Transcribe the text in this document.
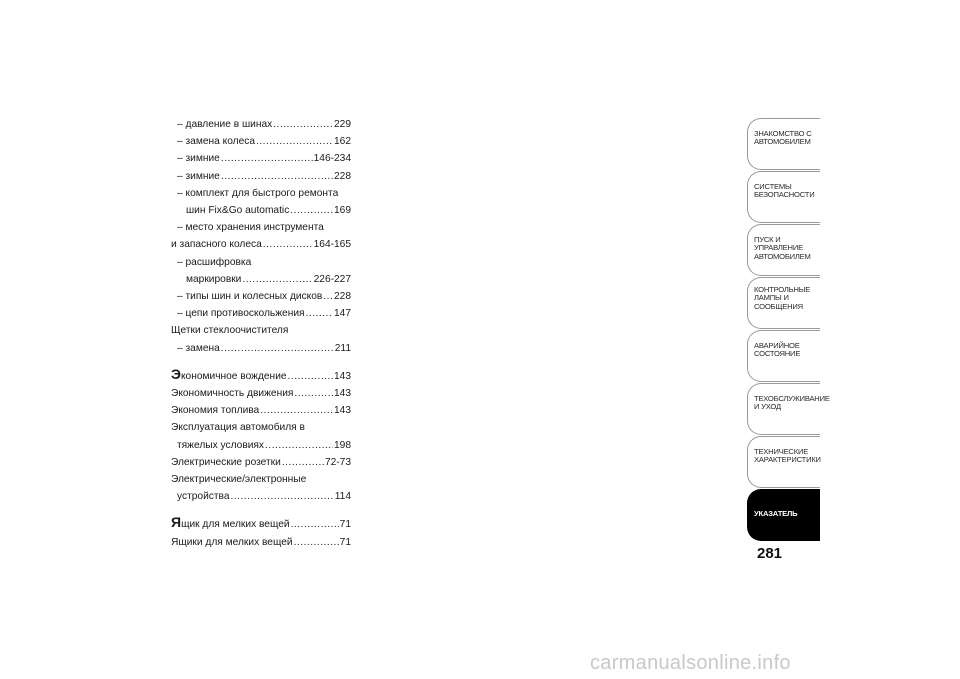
– давление в шинах .....	229
– замена колеса .....	162
– зимние .....	146-234
– зимние .....	228
– комплект для быстрого ремонта
шин Fix&Go automatic .....	169
– место хранения инструмента
и запасного колеса .....	164-165
– расшифровка
маркировки .....	226-227
– типы шин и колесных дисков ..... 228
– цепи противоскольжения .....	147
Щетки стеклоочистителя
– замена .....	211
Экономичное вождение .....	143
Экономичность движения .....	143
Экономия топлива .....	143
Эксплуатация автомобиля в
тяжелых условиях .....	198
Электрические розетки .....	72-73
Электрические/электронные
устройства .....	114
Ящик для мелких вещей .....	71
Ящики для мелких вещей .....	71
ЗНАКОМСТВО С
АВТОМОБИЛЕМ
СИСТЕМЫ
БЕЗОПАСНОСТИ
ПУСК И УПРАВЛЕНИЕ
АВТОМОБИЛЕМ
КОНТРОЛЬНЫЕ
ЛАМПЫ И
СООБЩЕНИЯ
АВАРИЙНОЕ
СОСТОЯНИЕ
ТЕХОБСЛУЖИВАНИЕ
И УХОД
ТЕХНИЧЕСКИЕ
ХАРАКТЕРИСТИКИ
УКАЗАТЕЛЬ
281
carmanualsonline.info
